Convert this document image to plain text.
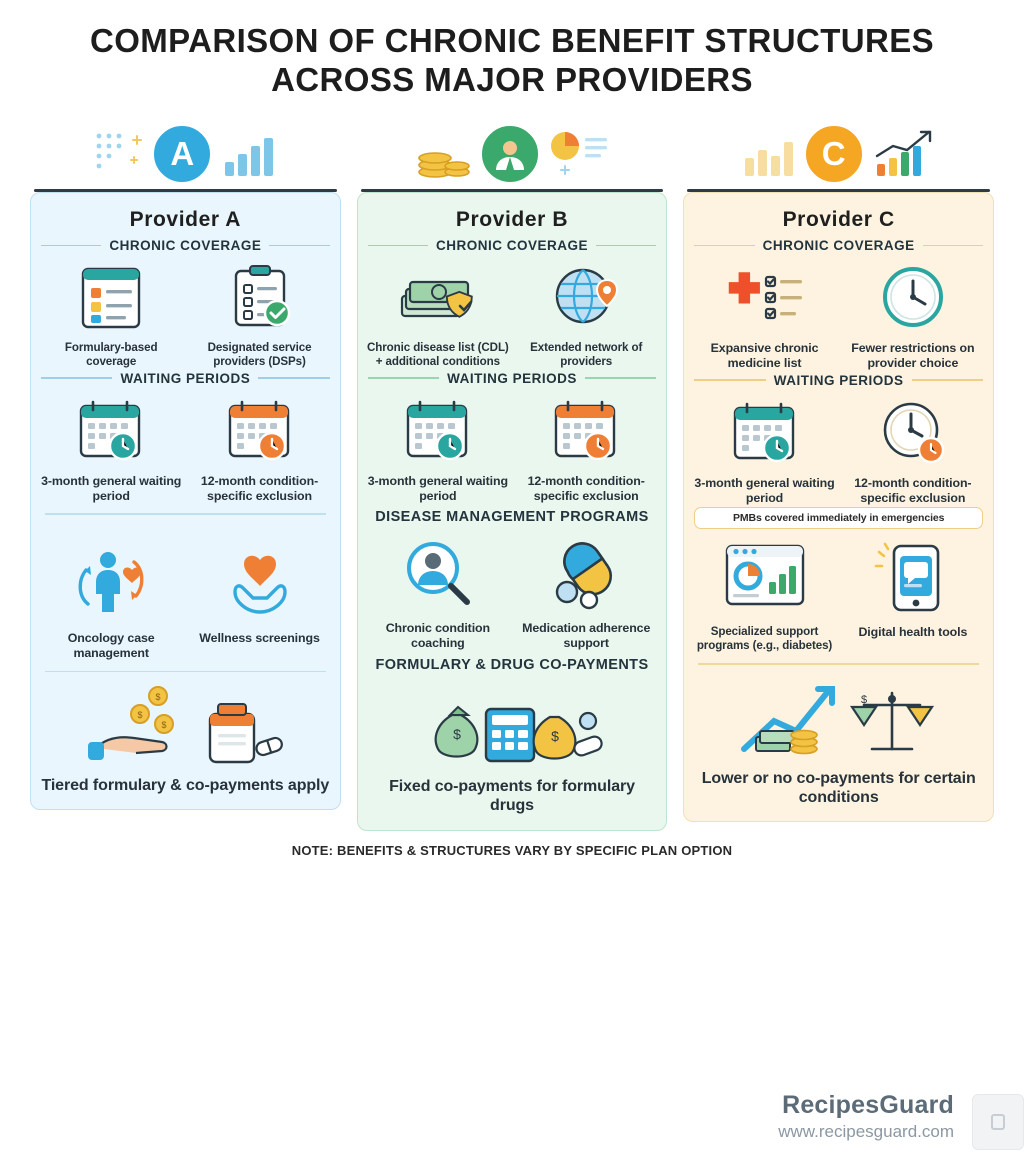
COMPARISON OF CHRONIC BENEFIT STRUCTURES
ACROSS MAJOR PROVIDERS
A
Provider A
CHRONIC COVERAGE
Formulary-based coverage
Designated service providers (DSPs)
WAITING PERIODS
3-month general waiting period
12-month condition-specific exclusion
Oncology case management
Wellness screenings
$
$
$
Tiered formulary & co-payments apply
Provider B
CHRONIC COVERAGE
Chronic disease list (CDL) + additional conditions
Extended network of providers
WAITING PERIODS
3-month general waiting period
12-month condition-specific exclusion
DISEASE MANAGEMENT PROGRAMS
Chronic condition coaching
Medication adherence support
FORMULARY & DRUG CO-PAYMENTS
$	$
Fixed co-payments for formulary drugs
C
Provider C
CHRONIC COVERAGE
Expansive chronic medicine list
Fewer restrictions on provider choice
WAITING PERIODS
3-month general waiting period
12-month condition-specific exclusion
PMBs covered immediately in emergencies
Specialized support programs (e.g., diabetes)
Digital health tools
$
Lower or no co-payments for certain conditions
NOTE: BENEFITS & STRUCTURES VARY BY SPECIFIC PLAN OPTION
RecipesGuard
www.recipesguard.com
